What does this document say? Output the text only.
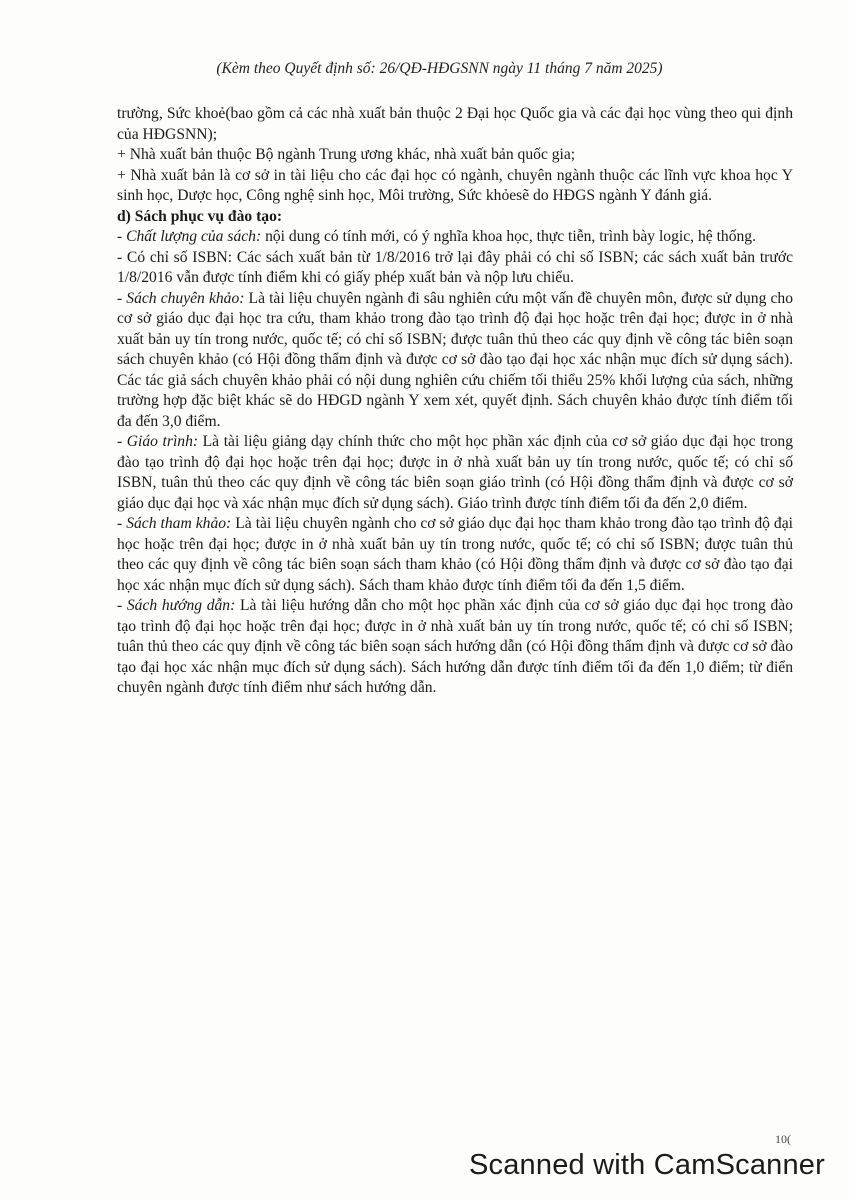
(Kèm theo Quyết định số: 26/QĐ-HĐGSNN ngày 11 tháng 7 năm 2025)

trường, Sức khoẻ(bao gồm cả các nhà xuất bản thuộc 2 Đại học Quốc gia và các đại học vùng theo qui định của HĐGSNN);

+ Nhà xuất bản thuộc Bộ ngành Trung ương khác, nhà xuất bản quốc gia;

+ Nhà xuất bản là cơ sở in tài liệu cho các đại học có ngành, chuyên ngành thuộc các lĩnh vực khoa học Y sinh học, Dược học, Công nghệ sinh học, Môi trường, Sức khỏesẽ do HĐGS ngành Y đánh giá.

d) Sách phục vụ đào tạo:

- Chất lượng của sách: nội dung có tính mới, có ý nghĩa khoa học, thực tiễn, trình bày logic, hệ thống.

- Có chỉ số ISBN: Các sách xuất bản từ 1/8/2016 trở lại đây phải có chỉ số ISBN; các sách xuất bản trước 1/8/2016 vẫn được tính điểm khi có giấy phép xuất bản và nộp lưu chiểu.

- Sách chuyên khảo: Là tài liệu chuyên ngành đi sâu nghiên cứu một vấn đề chuyên môn, được sử dụng cho cơ sở giáo dục đại học tra cứu, tham khảo trong đào tạo trình độ đại học hoặc trên đại học; được in ở nhà xuất bản uy tín trong nước, quốc tế; có chỉ số ISBN; được tuân thủ theo các quy định về công tác biên soạn sách chuyên khảo (có Hội đồng thẩm định và được cơ sở đào tạo đại học xác nhận mục đích sử dụng sách). Các tác giả sách chuyên khảo phải có nội dung nghiên cứu chiếm tối thiểu 25% khối lượng của sách, những trường hợp đặc biệt khác sẽ do HĐGD ngành Y xem xét, quyết định. Sách chuyên khảo được tính điểm tối đa đến 3,0 điểm.

- Giáo trình: Là tài liệu giảng dạy chính thức cho một học phần xác định của cơ sở giáo dục đại học trong đào tạo trình độ đại học hoặc trên đại học; được in ở nhà xuất bản uy tín trong nước, quốc tế; có chỉ số ISBN, tuân thủ theo các quy định về công tác biên soạn giáo trình (có Hội đồng thẩm định và được cơ sở giáo dục đại học và xác nhận mục đích sử dụng sách). Giáo trình được tính điểm tối đa đến 2,0 điểm.

- Sách tham khảo: Là tài liệu chuyên ngành cho cơ sở giáo dục đại học tham khảo trong đào tạo trình độ đại học hoặc trên đại học; được in ở nhà xuất bản uy tín trong nước, quốc tế; có chỉ số ISBN; được tuân thủ theo các quy định về công tác biên soạn sách tham khảo (có Hội đồng thẩm định và được cơ sở đào tạo đại học xác nhận mục đích sử dụng sách). Sách tham khảo được tính điểm tối đa đến 1,5 điểm.

- Sách hướng dẫn: Là tài liệu hướng dẫn cho một học phần xác định của cơ sở giáo dục đại học trong đào tạo trình độ đại học hoặc trên đại học; được in ở nhà xuất bản uy tín trong nước, quốc tế; có chỉ số ISBN; tuân thủ theo các quy định về công tác biên soạn sách hướng dẫn (có Hội đồng thẩm định và được cơ sở đào tạo đại học xác nhận mục đích sử dụng sách). Sách hướng dẫn được tính điểm tối đa đến 1,0 điểm; từ điển chuyên ngành được tính điểm như sách hướng dẫn.

10(
Scanned with CamScanner
